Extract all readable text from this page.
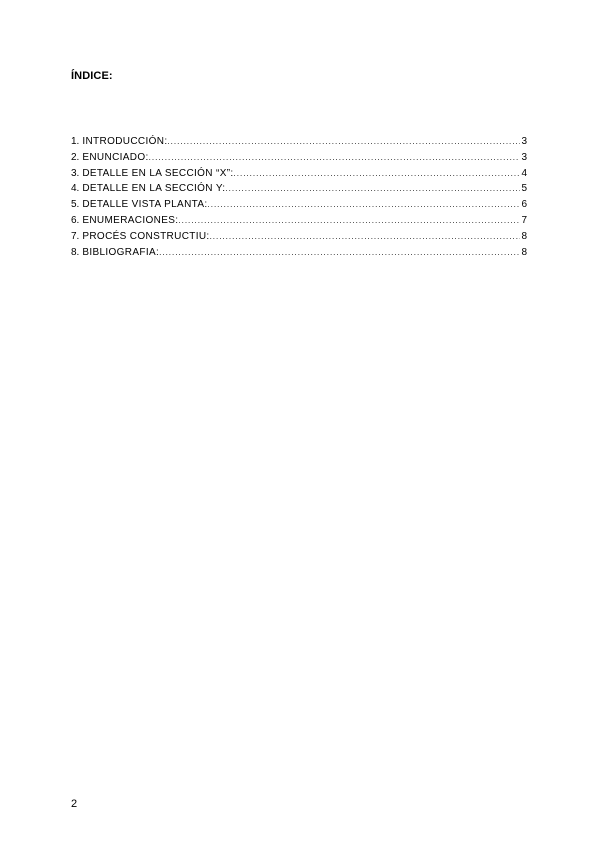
ÍNDICE:
1. INTRODUCCIÓN: .....	3
2. ENUNCIADO: .....	3
3. DETALLE EN LA SECCIÓN “X”: .....	4
4. DETALLE EN LA SECCIÓN Y: .....	5
5. DETALLE VISTA PLANTA: .....	6
6. ENUMERACIONES: .....	7
7. PROCÉS CONSTRUCTIU: .....	8
8. BIBLIOGRAFIA: .....	8
2
